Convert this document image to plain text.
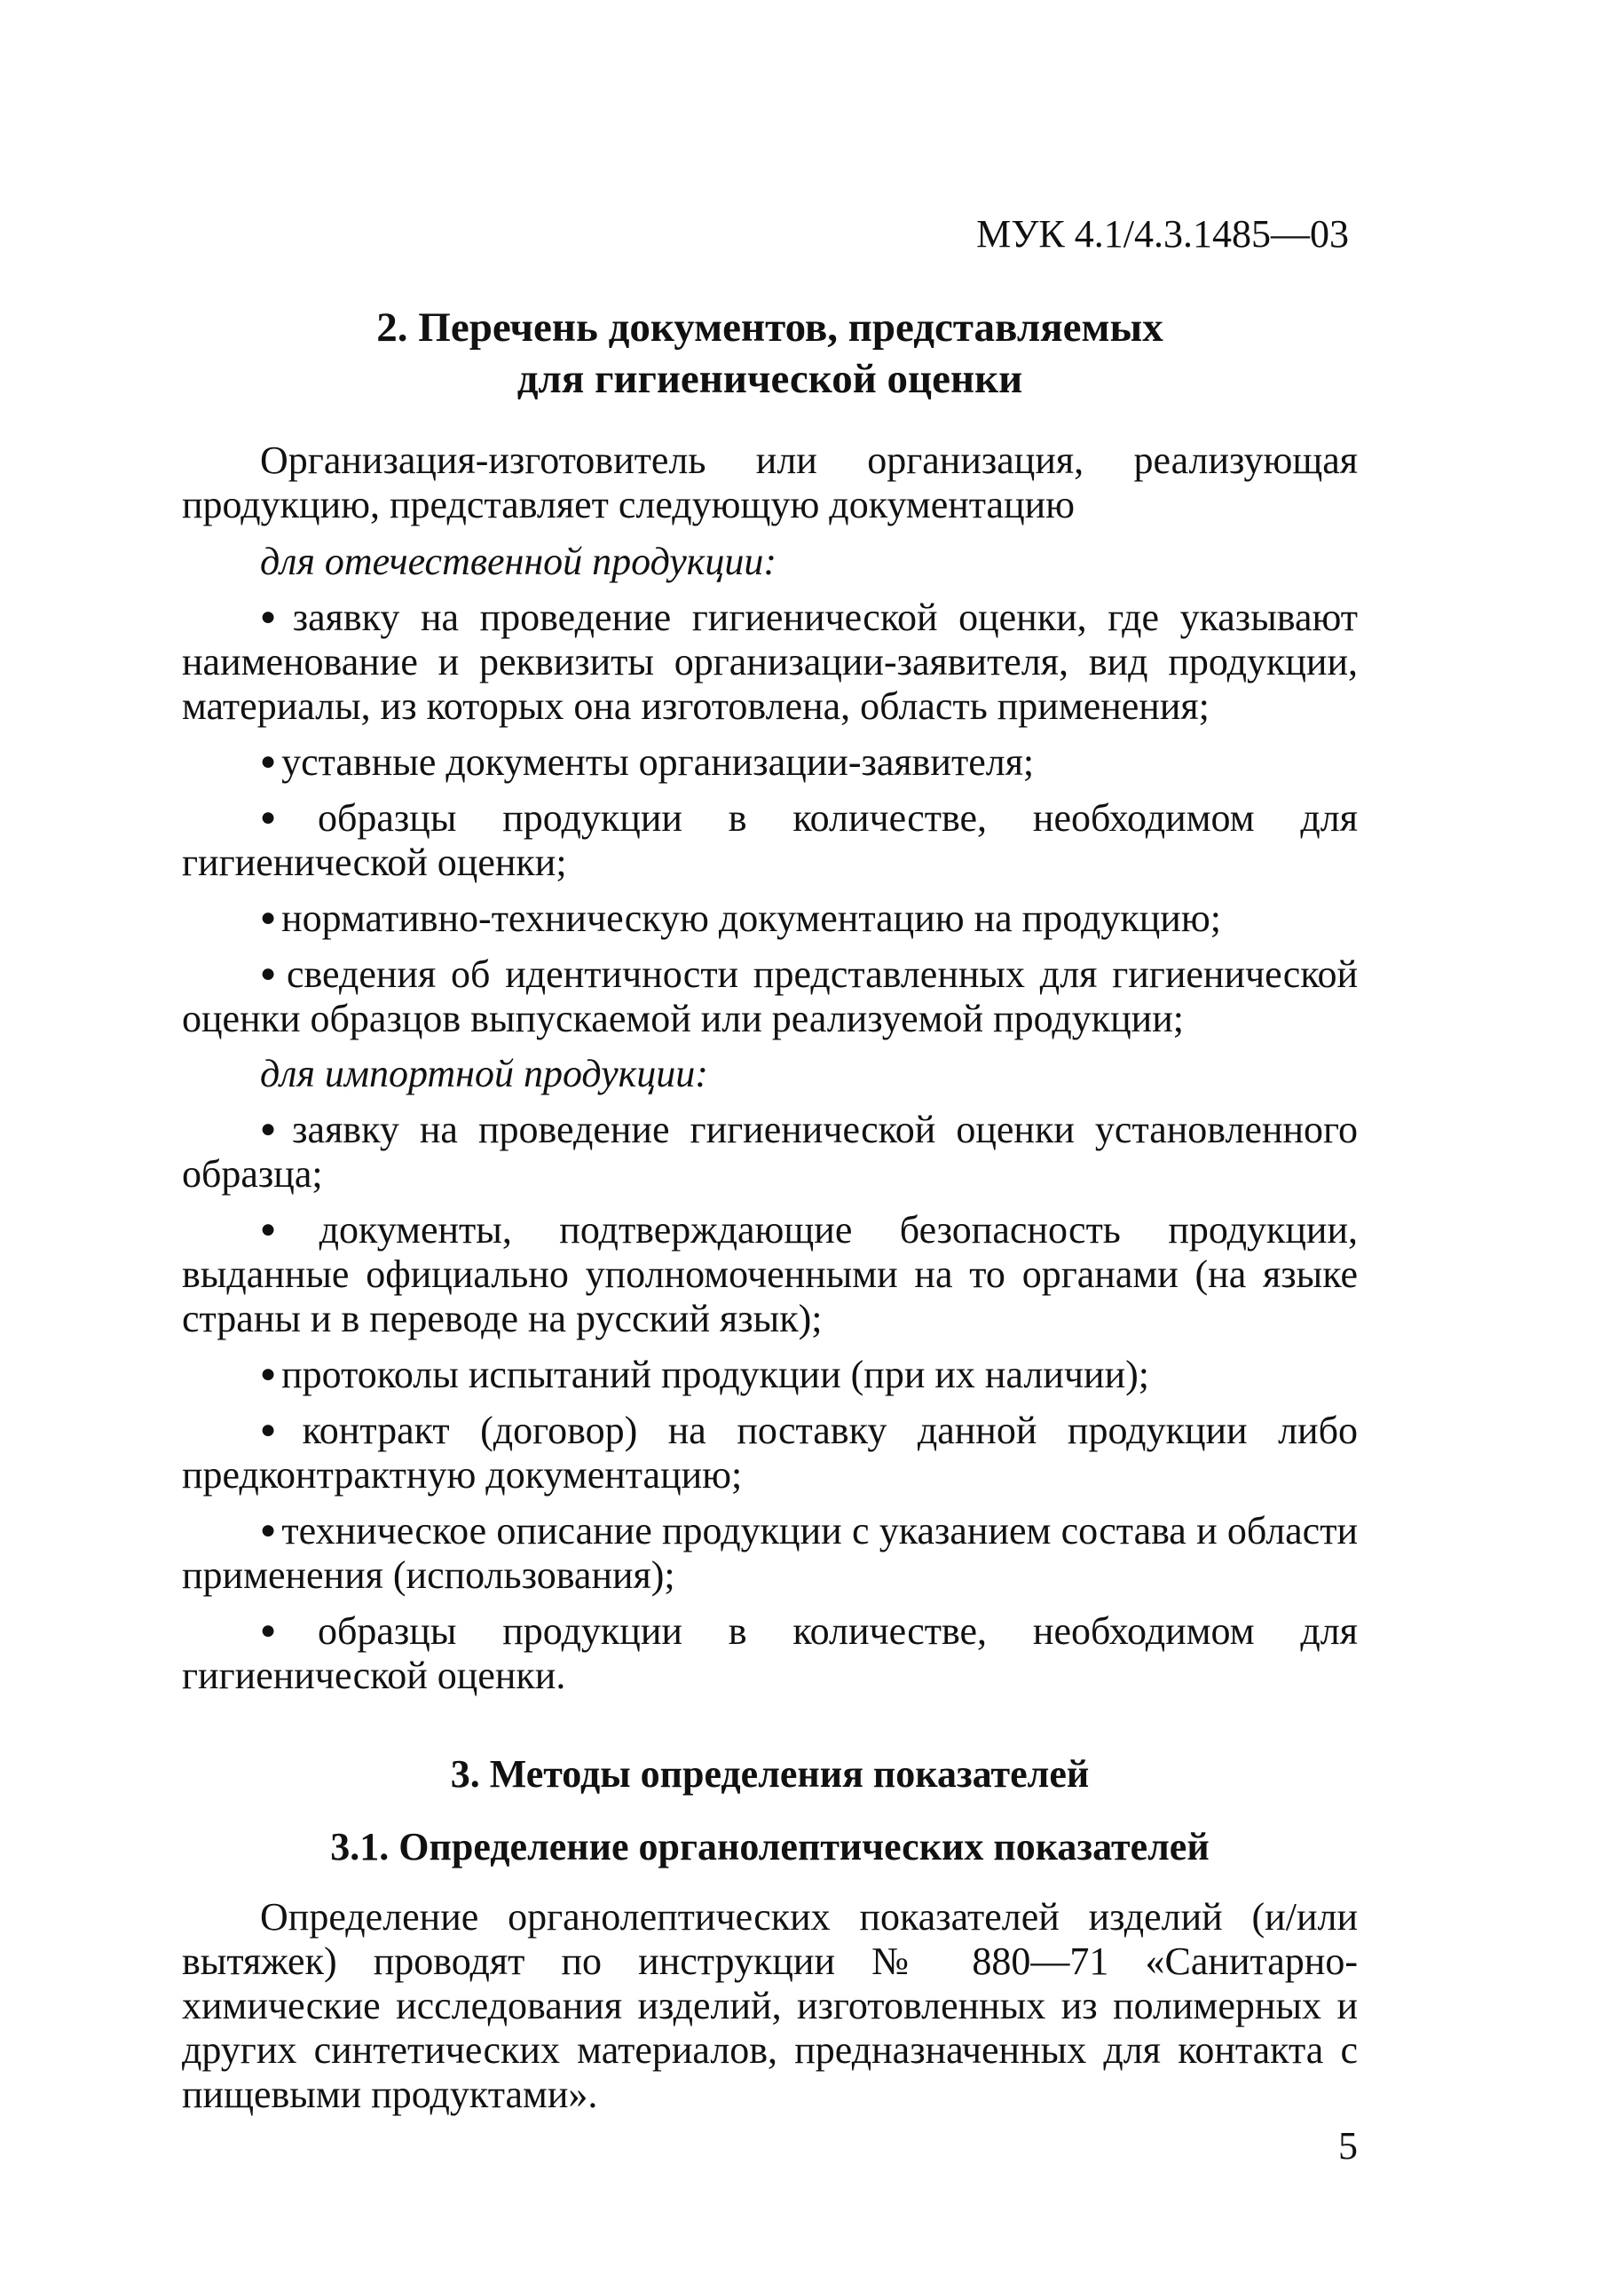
МУК 4.1/4.3.1485—03
2. Перечень документов, представляемых
для гигиенической оценки

Организация-изготовитель или организация, реализующая продукцию, представляет следующую документацию

для отечественной продукции:

● заявку на проведение гигиенической оценки, где указывают наименование и реквизиты организации-заявителя, вид продукции, материалы, из которых она изготовлена, область применения;

● уставные документы организации-заявителя;

● образцы продукции в количестве, необходимом для гигиенической оценки;

● нормативно-техническую документацию на продукцию;

● сведения об идентичности представленных для гигиенической оценки образцов выпускаемой или реализуемой продукции;

для импортной продукции:

● заявку на проведение гигиенической оценки установленного образца;

● документы, подтверждающие безопасность продукции, выданные официально уполномоченными на то органами (на языке страны и в переводе на русский язык);

● протоколы испытаний продукции (при их наличии);

● контракт (договор) на поставку данной продукции либо предконтрактную документацию;

● техническое описание продукции с указанием состава и области применения (использования);

● образцы продукции в количестве, необходимом для гигиенической оценки.

3. Методы определения показателей
3.1. Определение органолептических показателей

Определение органолептических показателей изделий (и/или вытяжек) проводят по инструкции № 880—71 «Санитарно-химические исследования изделий, изготовленных из полимерных и других синтетических материалов, предназначенных для контакта с пищевыми продуктами».

5
